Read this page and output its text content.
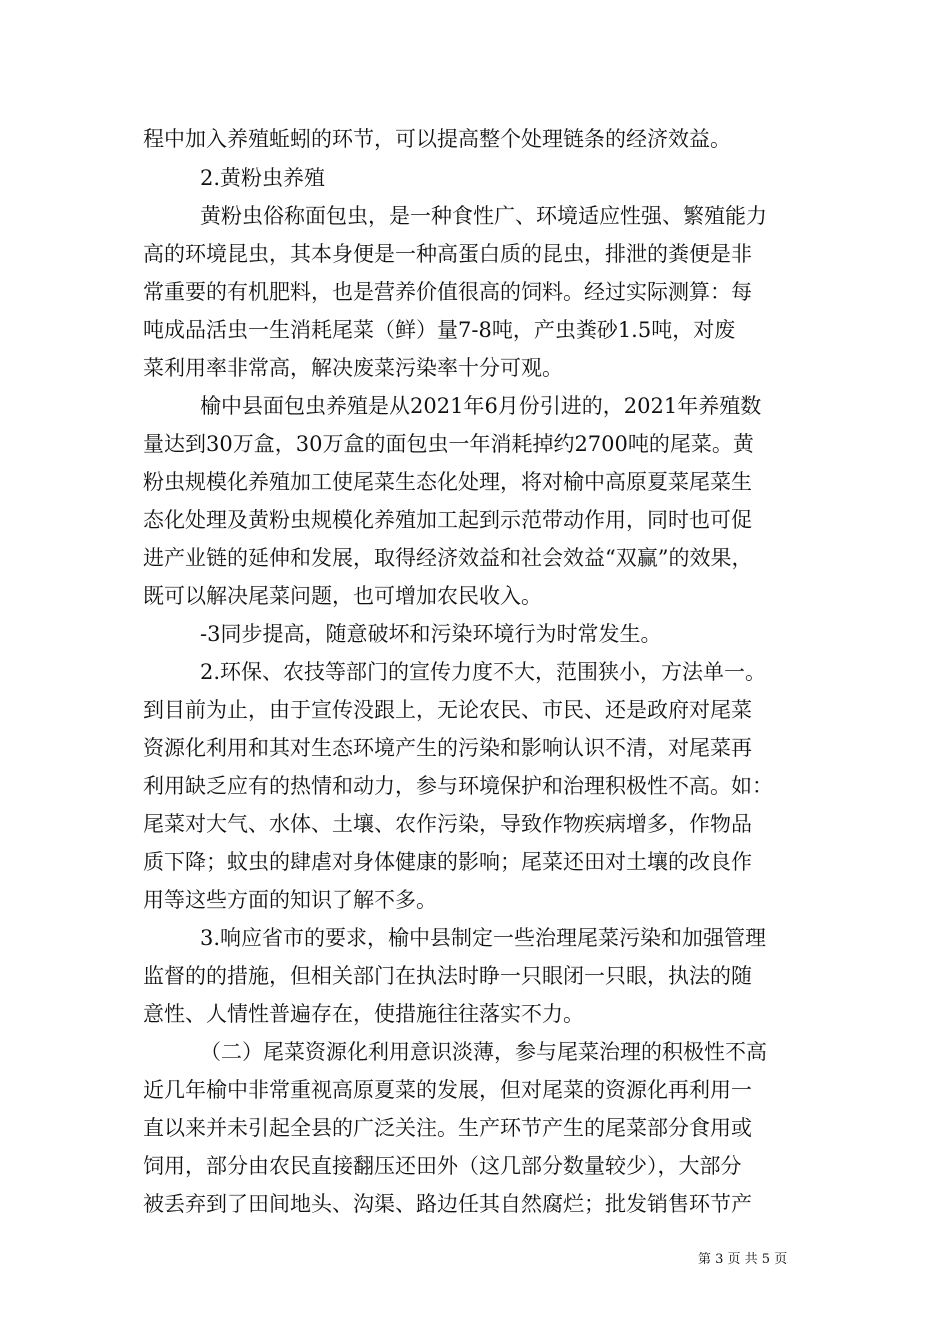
程中加入养殖蚯蚓的环节，可以提高整个处理链条的经济效益。
2.黄粉虫养殖
黄粉虫俗称面包虫，是一种食性广、环境适应性强、繁殖能力
高的环境昆虫，其本身便是一种高蛋白质的昆虫，排泄的粪便是非
常重要的有机肥料，也是营养价值很高的饲料。经过实际测算：每
吨成品活虫一生消耗尾菜（鲜）量7-8吨，产虫粪砂1.5吨，对废
菜利用率非常高，解决废菜污染率十分可观。
榆中县面包虫养殖是从2021年6月份引进的，2021年养殖数
量达到30万盒，30万盒的面包虫一年消耗掉约2700吨的尾菜。黄
粉虫规模化养殖加工使尾菜生态化处理，将对榆中高原夏菜尾菜生
态化处理及黄粉虫规模化养殖加工起到示范带动作用，同时也可促
进产业链的延伸和发展，取得经济效益和社会效益“双赢”的效果，
既可以解决尾菜问题，也可增加农民收入。
-3同步提高，随意破坏和污染环境行为时常发生。
2.环保、农技等部门的宣传力度不大，范围狭小，方法单一。
到目前为止，由于宣传没跟上，无论农民、市民、还是政府对尾菜
资源化利用和其对生态环境产生的污染和影响认识不清，对尾菜再
利用缺乏应有的热情和动力，参与环境保护和治理积极性不高。如：
尾菜对大气、水体、土壤、农作污染，导致作物疾病增多，作物品
质下降；蚊虫的肆虐对身体健康的影响；尾菜还田对土壤的改良作
用等这些方面的知识了解不多。
3.响应省市的要求，榆中县制定一些治理尾菜污染和加强管理
监督的的措施，但相关部门在执法时睁一只眼闭一只眼，执法的随
意性、人情性普遍存在，使措施往往落实不力。
（二）尾菜资源化利用意识淡薄，参与尾菜治理的积极性不高
近几年榆中非常重视高原夏菜的发展，但对尾菜的资源化再利用一
直以来并未引起全县的广泛关注。生产环节产生的尾菜部分食用或
饲用，部分由农民直接翻压还田外（这几部分数量较少），大部分
被丢弃到了田间地头、沟渠、路边任其自然腐烂；批发销售环节产
第 3 页 共 5 页
